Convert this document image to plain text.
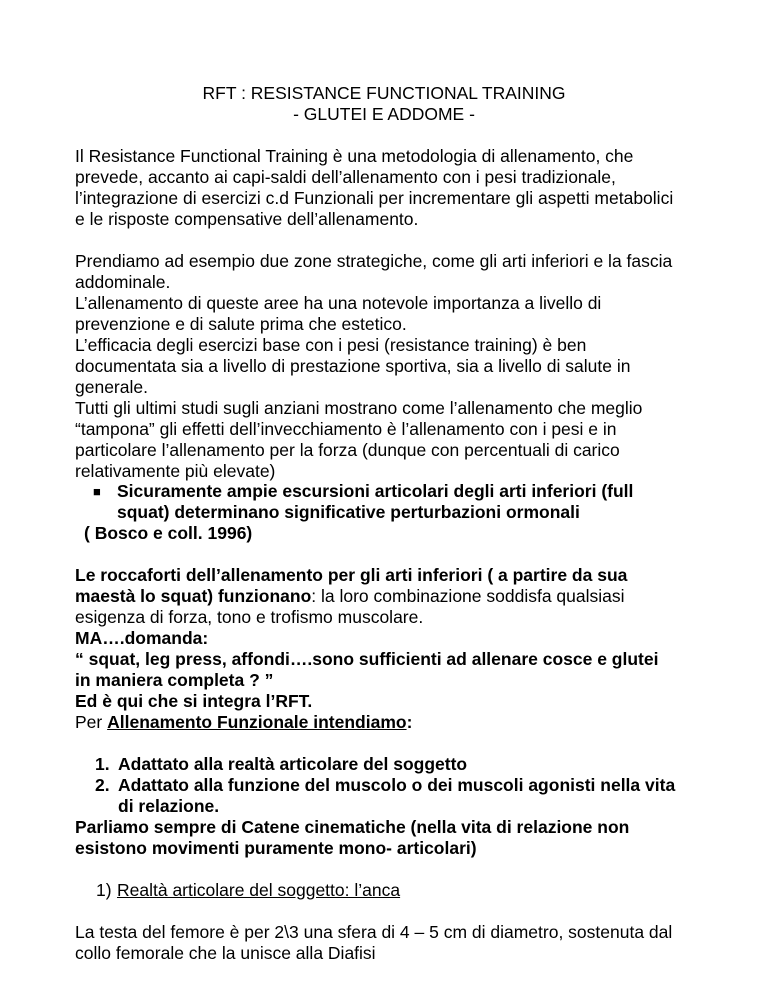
RFT : RESISTANCE FUNCTIONAL TRAINING
- GLUTEI E ADDOME -

Il Resistance Functional Training è una metodologia di allenamento, che

prevede, accanto ai capi-saldi dell’allenamento con i pesi tradizionale,

l’integrazione di esercizi c.d Funzionali per incrementare gli aspetti metabolici

e le risposte compensative dell’allenamento.

Prendiamo ad esempio due zone strategiche, come gli arti inferiori e la fascia

addominale.

L’allenamento di queste aree ha una notevole importanza a livello di

prevenzione e di salute prima che estetico.

L’efficacia degli esercizi base con i pesi (resistance training) è ben

documentata sia a livello di prestazione sportiva, sia a livello di salute in

generale.

Tutti gli ultimi studi sugli anziani mostrano come l’allenamento che meglio

“tampona” gli effetti dell’invecchiamento è l’allenamento con i pesi e in

particolare l’allenamento per la forza (dunque con percentuali di carico

relativamente più elevate)

■ Sicuramente ampie escursioni articolari degli arti inferiori (full
squat) determinano significative perturbazioni ormonali
( Bosco e coll. 1996)

Le roccaforti dell’allenamento per gli arti inferiori ( a partire da sua

maestà lo squat) funzionano: la loro combinazione soddisfa qualsiasi

esigenza di forza, tono e trofismo muscolare.

MA….domanda:

“ squat, leg press, affondi….sono sufficienti ad allenare cosce e glutei

in maniera completa ? ”

Ed è qui che si integra l’RFT.

Per Allenamento Funzionale intendiamo:

1. Adattato alla realtà articolare del soggetto
2. Adattato alla funzione del muscolo o dei muscoli agonisti nella vita
di relazione.

Parliamo sempre di Catene cinematiche (nella vita di relazione non

esistono movimenti puramente mono- articolari)

1) Realtà articolare del soggetto: l’anca

La testa del femore è per 2\3 una sfera di 4 – 5 cm di diametro, sostenuta dal

collo femorale che la unisce alla Diafisi
